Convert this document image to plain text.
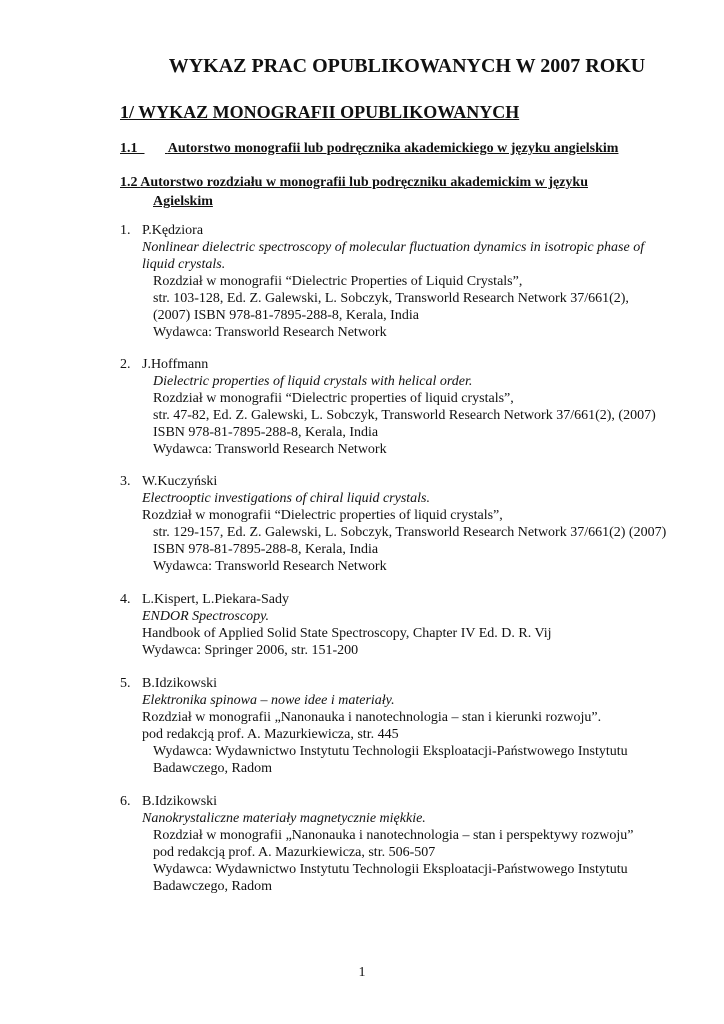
WYKAZ PRAC OPUBLIKOWANYCH W 2007 ROKU
1/ WYKAZ MONOGRAFII OPUBLIKOWANYCH
1.1 Autorstwo monografii lub podręcznika akademickiego w języku angielskim
1.2 Autorstwo rozdziału w monografii lub podręczniku akademickim w języku
Agielskim
1. P.Kędziora
Nonlinear dielectric spectroscopy of molecular fluctuation dynamics in isotropic phase of
liquid crystals.
Rozdział w monografii “Dielectric Properties of Liquid Crystals”,
str. 103-128, Ed. Z. Galewski, L. Sobczyk, Transworld Research Network 37/661(2),
(2007) ISBN 978-81-7895-288-8, Kerala, India
Wydawca: Transworld Research Network
2. J.Hoffmann
Dielectric properties of liquid crystals with helical order.
Rozdział w monografii “Dielectric properties of liquid crystals”,
str. 47-82, Ed. Z. Galewski, L. Sobczyk, Transworld Research Network 37/661(2), (2007)
ISBN 978-81-7895-288-8, Kerala, India
Wydawca: Transworld Research Network
3. W.Kuczyński
Electrooptic investigations of chiral liquid crystals.
Rozdział w monografii “Dielectric properties of liquid crystals”,
str. 129-157, Ed. Z. Galewski, L. Sobczyk, Transworld Research Network 37/661(2) (2007)
ISBN 978-81-7895-288-8, Kerala, India
Wydawca: Transworld Research Network
4. L.Kispert, L.Piekara-Sady
ENDOR Spectroscopy.
Handbook of Applied Solid State Spectroscopy, Chapter IV Ed. D. R. Vij
Wydawca: Springer 2006, str. 151-200
5. B.Idzikowski
Elektronika spinowa – nowe idee i materiały.
Rozdział w monografii „Nanonauka i nanotechnologia – stan i kierunki rozwoju”.
pod redakcją prof. A. Mazurkiewicza, str. 445
Wydawca: Wydawnictwo Instytutu Technologii Eksploatacji-Państwowego Instytutu
Badawczego, Radom
6. B.Idzikowski
Nanokrystaliczne materiały magnetycznie miękkie.
Rozdział w monografii „Nanonauka i nanotechnologia – stan i perspektywy rozwoju”
pod redakcją prof. A. Mazurkiewicza, str. 506-507
Wydawca: Wydawnictwo Instytutu Technologii Eksploatacji-Państwowego Instytutu
Badawczego, Radom
1
